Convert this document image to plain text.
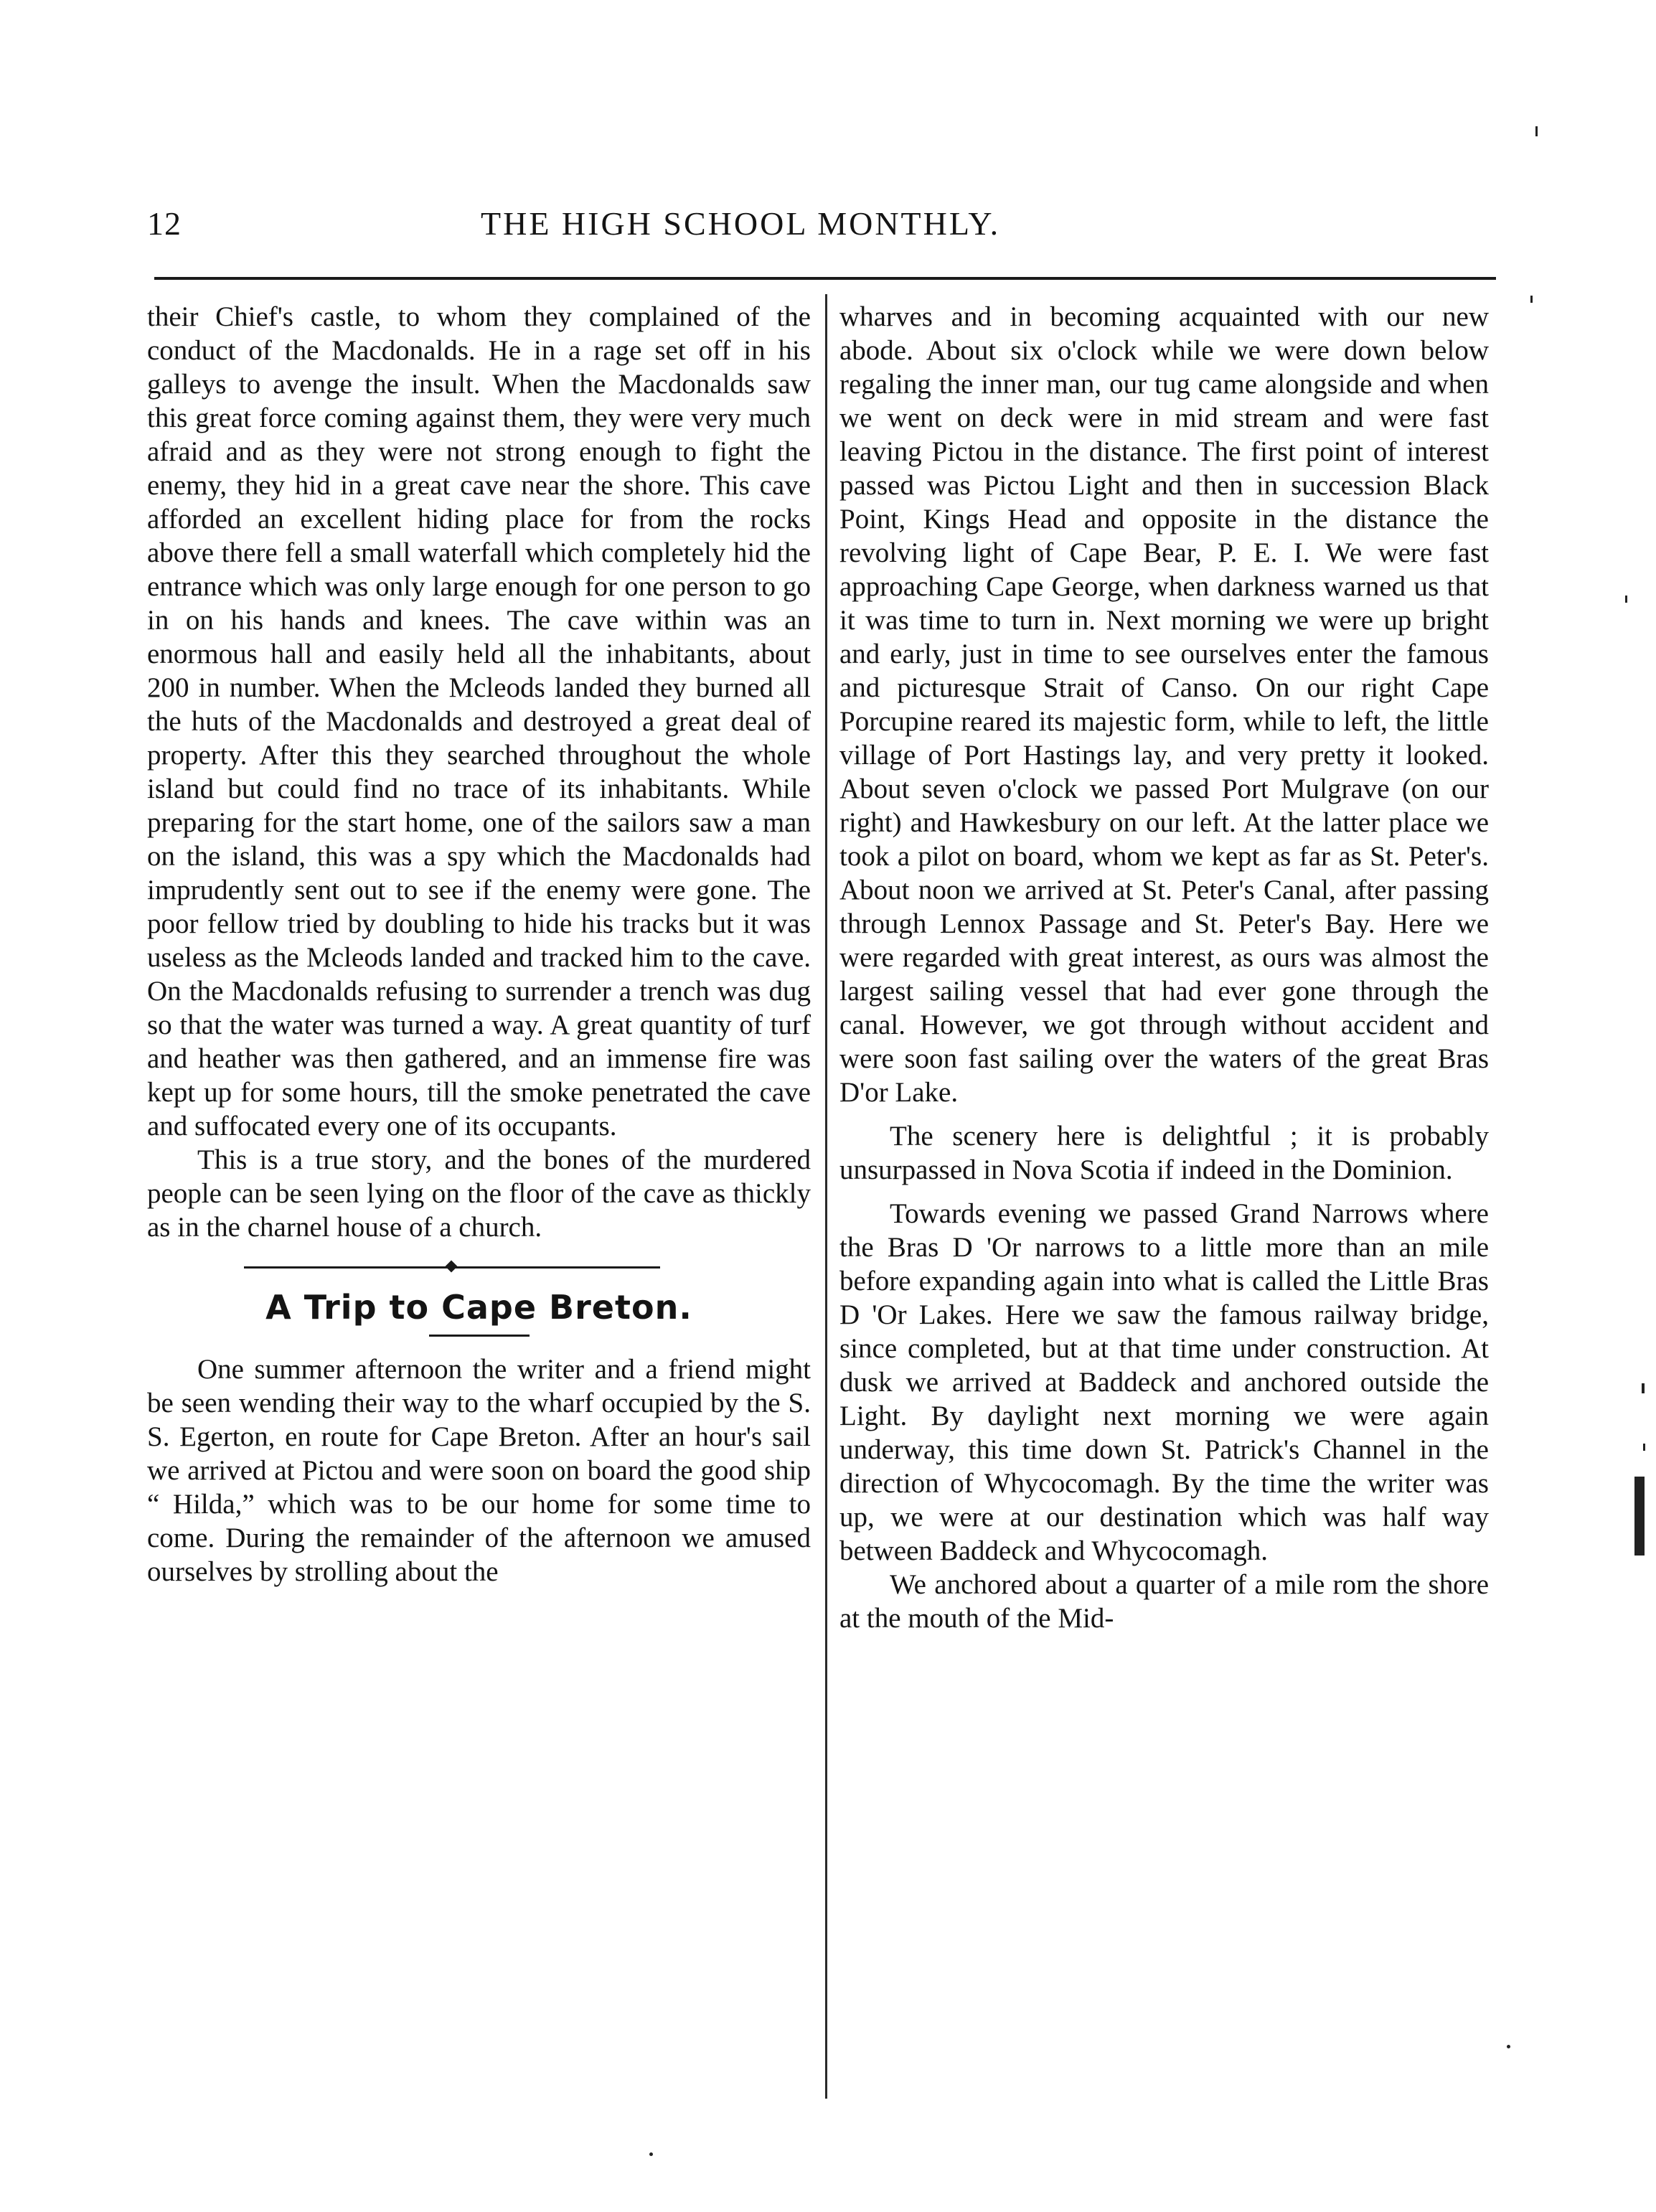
12	THE HIGH SCHOOL MONTHLY.

their Chief's castle, to whom they complained of the conduct of the Macdonalds. He in a rage set off in his galleys to avenge the insult. When the Macdonalds saw this great force coming against them, they were very much afraid and as they were not strong enough to fight the enemy, they hid in a great cave near the shore. This cave afforded an excellent hiding place for from the rocks above there fell a small waterfall which completely hid the entrance which was only large enough for one person to go in on his hands and knees. The cave within was an enormous hall and easily held all the inhabitants, about 200 in number. When the Mcleods landed they burned all the huts of the Macdonalds and destroyed a great deal of property. After this they searched throughout the whole island but could find no trace of its inhabitants. While preparing for the start home, one of the sailors saw a man on the island, this was a spy which the Macdonalds had imprudently sent out to see if the enemy were gone. The poor fellow tried by doubling to hide his tracks but it was useless as the Mcleods landed and tracked him to the cave. On the Macdonalds refusing to surrender a trench was dug so that the water was turned a way. A great quantity of turf and heather was then gathered, and an immense fire was kept up for some hours, till the smoke penetrated the cave and suffocated every one of its occupants.

This is a true story, and the bones of the murdered people can be seen lying on the floor of the cave as thickly as in the charnel house of a church.

A Trip to Cape Breton.

One summer afternoon the writer and a friend might be seen wending their way to the wharf occupied by the S. S. Egerton, en route for Cape Breton. After an hour's sail we arrived at Pictou and were soon on board the good ship “ Hilda,” which was to be our home for some time to come. During the remainder of the afternoon we amused ourselves by strolling about the

wharves and in becoming acquainted with our new abode. About six o'clock while we were down below regaling the inner man, our tug came alongside and when we went on deck were in mid stream and were fast leaving Pictou in the distance. The first point of interest passed was Pictou Light and then in succession Black Point, Kings Head and opposite in the distance the revolving light of Cape Bear, P. E. I. We were fast approaching Cape George, when darkness warned us that it was time to turn in. Next morning we were up bright and early, just in time to see ourselves enter the famous and picturesque Strait of Canso. On our right Cape Porcupine reared its majestic form, while to left, the little village of Port Hastings lay, and very pretty it looked. About seven o'clock we passed Port Mulgrave (on our right) and Hawkesbury on our left. At the latter place we took a pilot on board, whom we kept as far as St. Peter's. About noon we arrived at St. Peter's Canal, after passing through Lennox Passage and St. Peter's Bay. Here we were regarded with great interest, as ours was almost the largest sailing vessel that had ever gone through the canal. However, we got through without accident and were soon fast sailing over the waters of the great Bras D'or Lake.

The scenery here is delightful ; it is probably unsurpassed in Nova Scotia if indeed in the Dominion.

Towards evening we passed Grand Narrows where the Bras D 'Or narrows to a little more than an mile before expanding again into what is called the Little Bras D 'Or Lakes. Here we saw the famous railway bridge, since completed, but at that time under construction. At dusk we arrived at Baddeck and anchored outside the Light. By daylight next morning we were again underway, this time down St. Patrick's Channel in the direction of Whycocomagh. By the time the writer was up, we were at our destination which was half way between Baddeck and Whycocomagh.

We anchored about a quarter of a mile rom the shore at the mouth of the Mid-
